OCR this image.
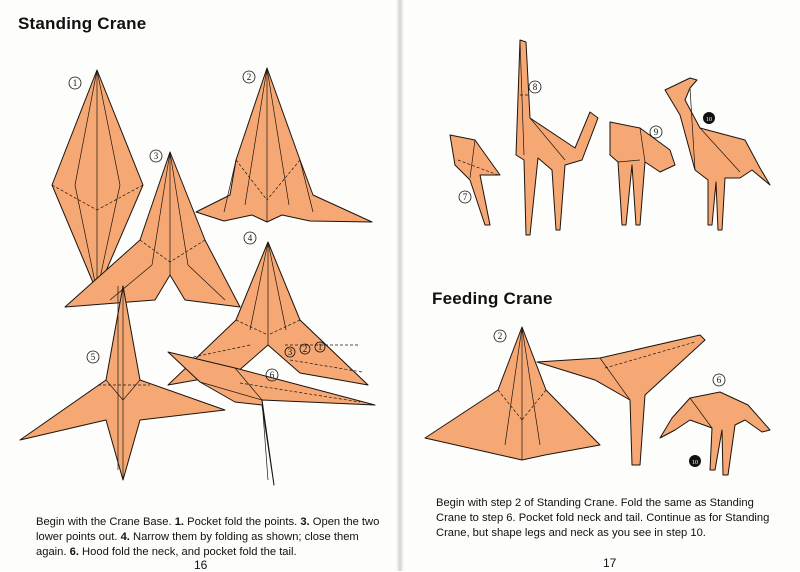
Standing Crane
Feeding Crane
1
2
3
4
5
6
3 2 1
7
8
9
10
2
6
10

Begin with the Crane Base. 1. Pocket fold the points. 3. Open the two lower points out. 4. Narrow them by folding as shown; close them again. 6. Hood fold the neck, and pocket fold the tail.

Begin with step 2 of Standing Crane. Fold the same as Standing Crane to step 6. Pocket fold neck and tail. Continue as for Standing Crane, but shape legs and neck as you see in step 10.

16	17
